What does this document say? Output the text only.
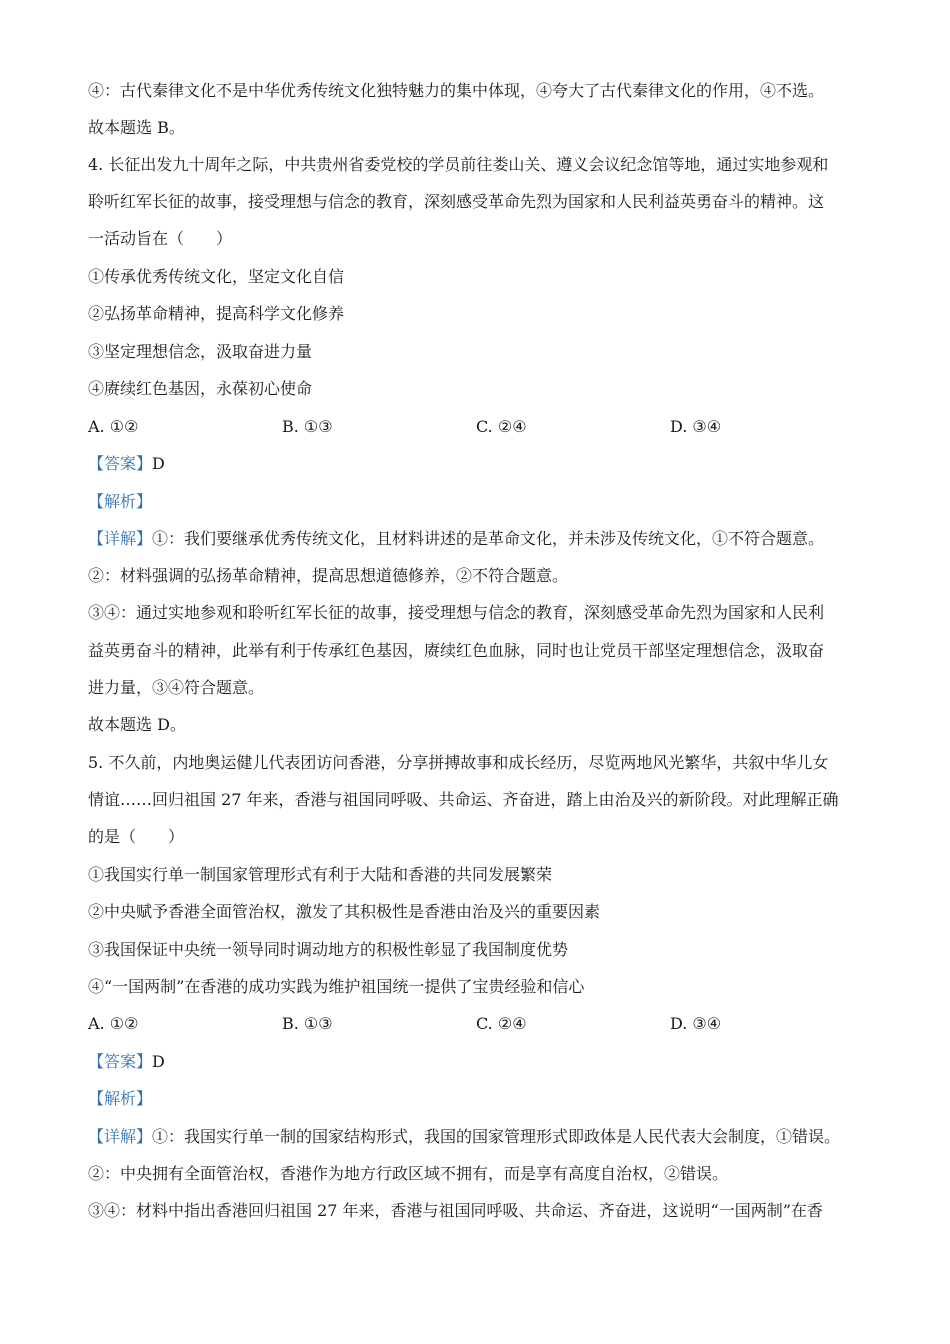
④：古代秦律文化不是中华优秀传统文化独特魅力的集中体现，④夸大了古代秦律文化的作用，④不选。
故本题选 B。
4. 长征出发九十周年之际，中共贵州省委党校的学员前往娄山关、遵义会议纪念馆等地，通过实地参观和
聆听红军长征的故事，接受理想与信念的教育，深刻感受革命先烈为国家和人民利益英勇奋斗的精神。这
一活动旨在（　　）
①传承优秀传统文化，坚定文化自信
②弘扬革命精神，提高科学文化修养
③坚定理想信念，汲取奋进力量
④赓续红色基因，永葆初心使命
A. ①②	B. ①③	C. ②④	D. ③④
【答案】D
【解析】
【详解】①：我们要继承优秀传统文化，且材料讲述的是革命文化，并未涉及传统文化，①不符合题意。
②：材料强调的弘扬革命精神，提高思想道德修养，②不符合题意。
③④：通过实地参观和聆听红军长征的故事，接受理想与信念的教育，深刻感受革命先烈为国家和人民利
益英勇奋斗的精神，此举有利于传承红色基因，赓续红色血脉，同时也让党员干部坚定理想信念，汲取奋
进力量，③④符合题意。
故本题选 D。
5. 不久前，内地奥运健儿代表团访问香港，分享拼搏故事和成长经历，尽览两地风光繁华，共叙中华儿女
情谊……回归祖国 27 年来，香港与祖国同呼吸、共命运、齐奋进，踏上由治及兴的新阶段。对此理解正确
的是（　　）
①我国实行单一制国家管理形式有利于大陆和香港的共同发展繁荣
②中央赋予香港全面管治权，激发了其积极性是香港由治及兴的重要因素
③我国保证中央统一领导同时调动地方的积极性彰显了我国制度优势
④“一国两制”在香港的成功实践为维护祖国统一提供了宝贵经验和信心
A. ①②	B. ①③	C. ②④	D. ③④
【答案】D
【解析】
【详解】①：我国实行单一制的国家结构形式，我国的国家管理形式即政体是人民代表大会制度，①错误。
②：中央拥有全面管治权，香港作为地方行政区域不拥有，而是享有高度自治权，②错误。
③④：材料中指出香港回归祖国 27 年来，香港与祖国同呼吸、共命运、齐奋进，这说明“一国两制”在香
